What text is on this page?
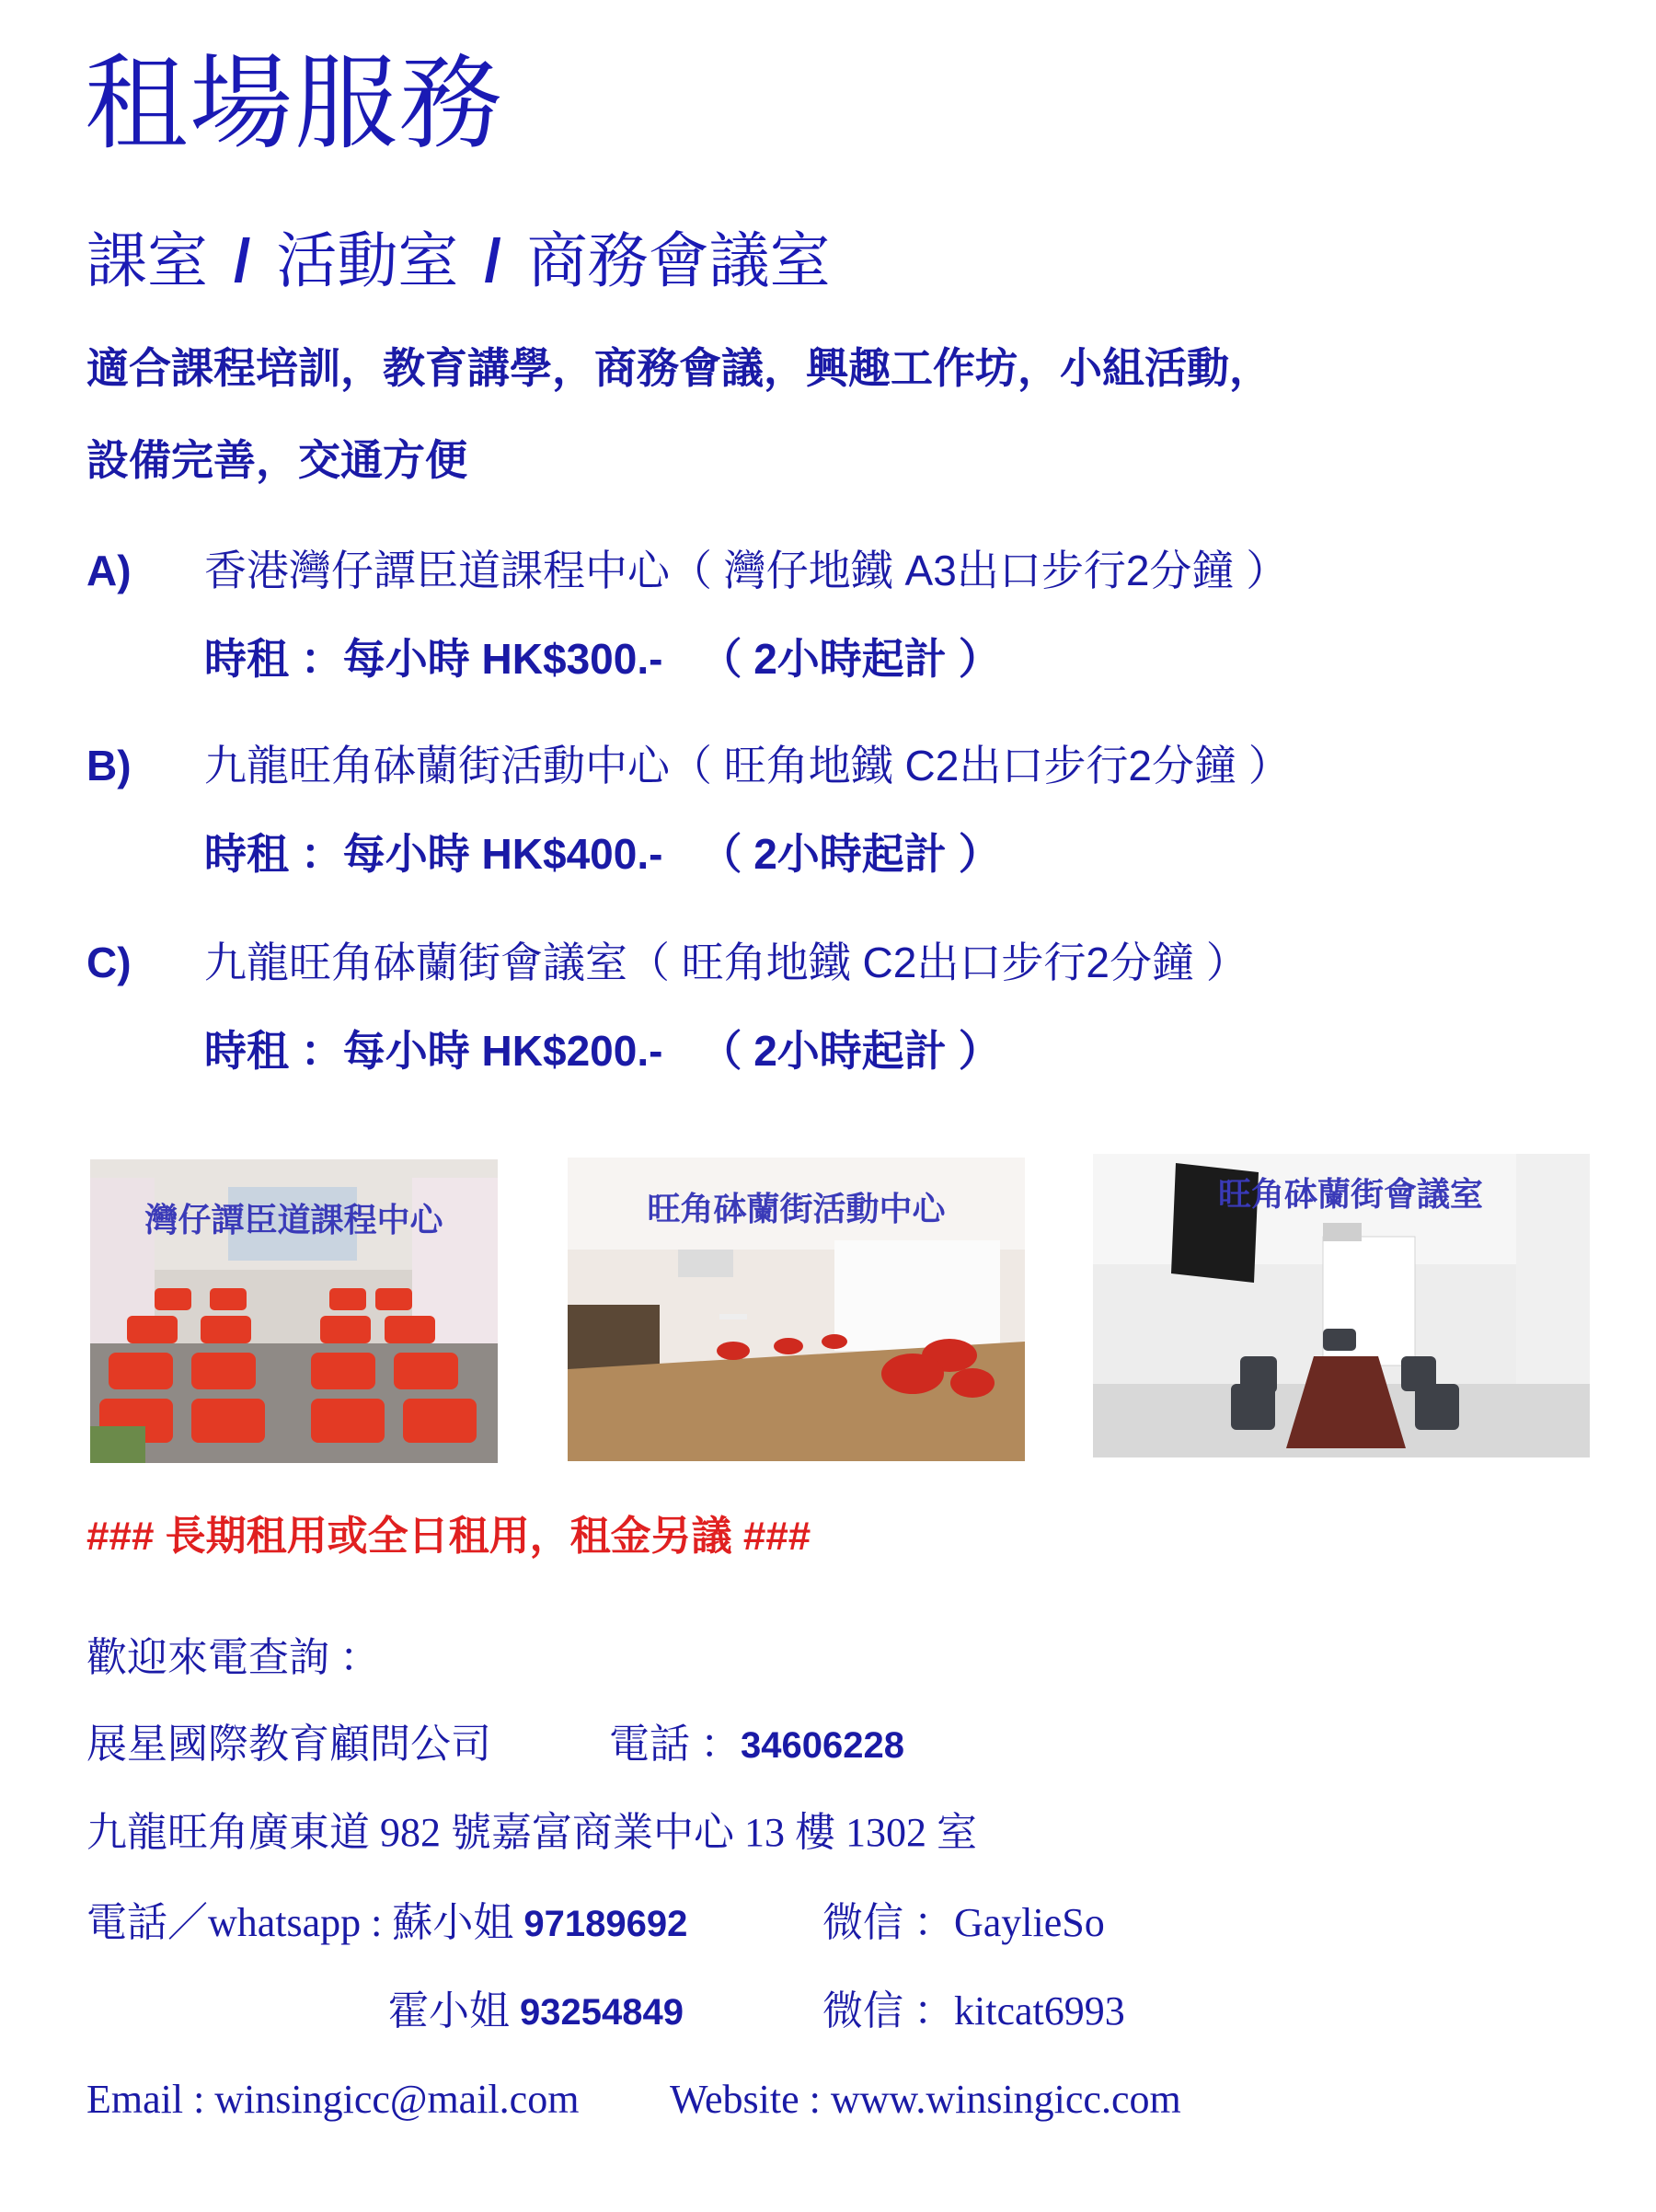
租場服務
課室 / 活動室 / 商務會議室
適合課程培訓，教育講學，商務會議，興趣工作坊，小組活動，
設備完善，交通方便
A) 香港灣仔譚臣道課程中心（ 灣仔地鐵 A3出口步行2分鐘 ）
時租 ：每小時 HK$300.- （ 2小時起計 ）
B) 九龍旺角砵蘭街活動中心（ 旺角地鐵 C2出口步行2分鐘 ）
時租 ：每小時 HK$400.- （ 2小時起計 ）
C) 九龍旺角砵蘭街會議室（ 旺角地鐵 C2出口步行2分鐘 ）
時租 ：每小時 HK$200.- （ 2小時起計 ）
灣仔譚臣道課程中心	旺角砵蘭街活動中心	旺角砵蘭街會議室
### 長期租用或全日租用，租金另議 ###
歡迎來電查詢 ：
展星國際教育顧問公司	電話 ：34606228
九龍旺角廣東道 982 號嘉富商業中心 13 樓 1302 室
電話／whatsapp : 蘇小姐 97189692	微信 ：GaylieSo
霍小姐 93254849	微信 ：kitcat6993
Email : winsingicc@mail.com Website : www.winsingicc.com
